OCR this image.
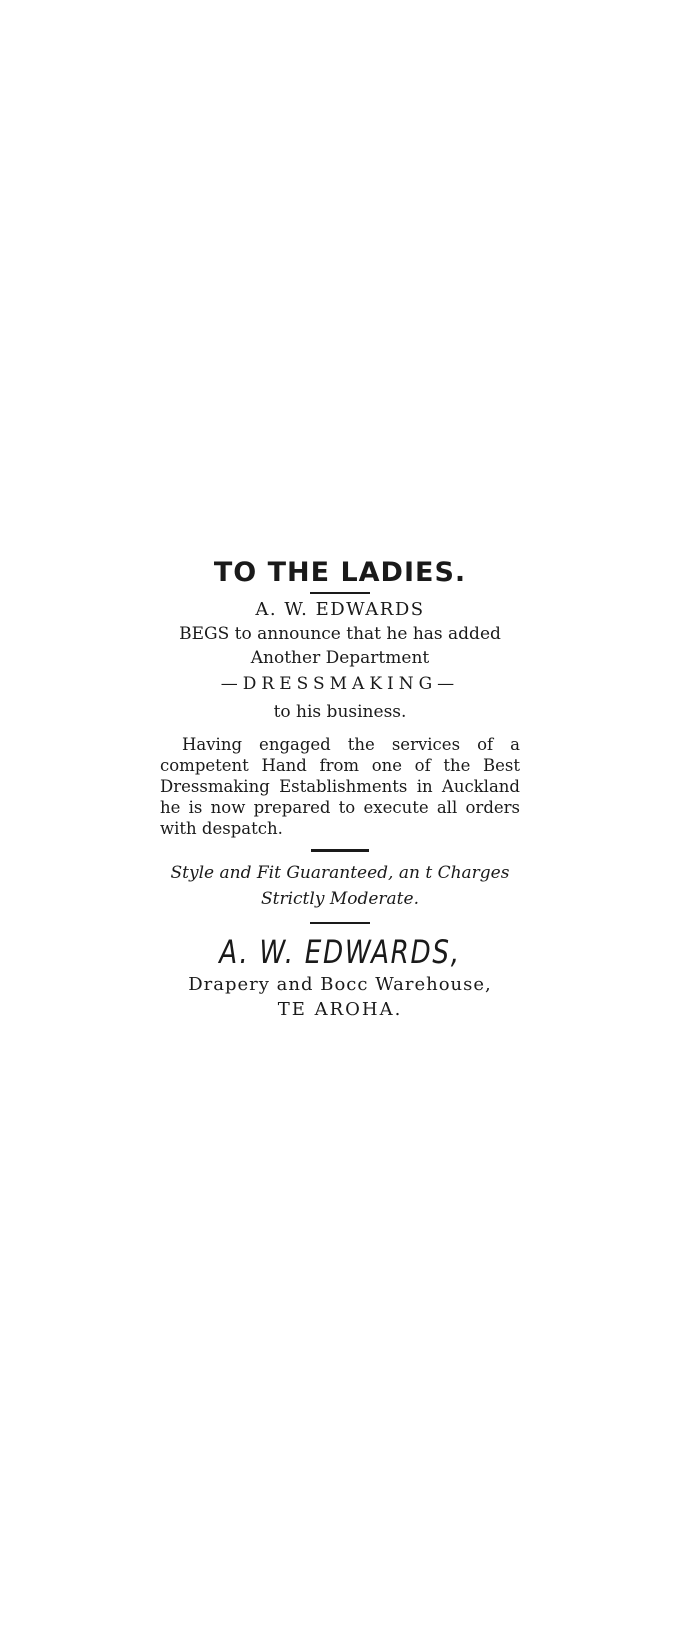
TO THE LADIES.

A. W. EDWARDS

BEGS to announce that he has added

Another Department

—DRESSMAKING—

to his business.

Having engaged the services of a competent Hand from one of the Best Dressmaking Establishments in Auckland he is now prepared to execute all orders with despatch.

Style and Fit Guaranteed, an t Charges

Strictly Moderate.

A. W. EDWARDS,

Drapery and Bocc Warehouse,

TE AROHA.
